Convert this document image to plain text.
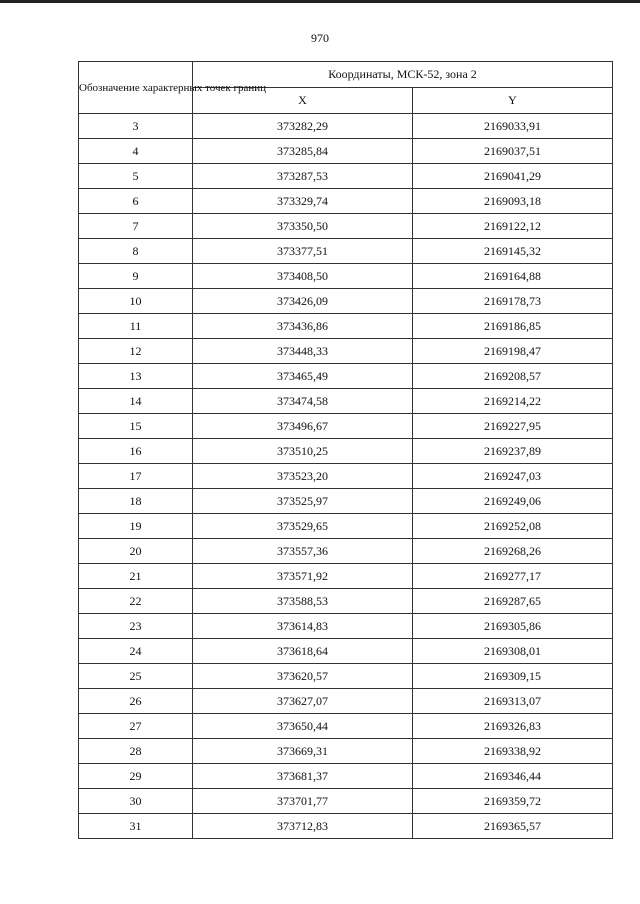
970
Обозначение характерных точек границ	Координаты, МСК-52, зона 2	
	X	Y
3	373282,29	2169033,91
4	373285,84	2169037,51
5	373287,53	2169041,29
6	373329,74	2169093,18
7	373350,50	2169122,12
8	373377,51	2169145,32
9	373408,50	2169164,88
10	373426,09	2169178,73
11	373436,86	2169186,85
12	373448,33	2169198,47
13	373465,49	2169208,57
14	373474,58	2169214,22
15	373496,67	2169227,95
16	373510,25	2169237,89
17	373523,20	2169247,03
18	373525,97	2169249,06
19	373529,65	2169252,08
20	373557,36	2169268,26
21	373571,92	2169277,17
22	373588,53	2169287,65
23	373614,83	2169305,86
24	373618,64	2169308,01
25	373620,57	2169309,15
26	373627,07	2169313,07
27	373650,44	2169326,83
28	373669,31	2169338,92
29	373681,37	2169346,44
30	373701,77	2169359,72
31	373712,83	2169365,57
